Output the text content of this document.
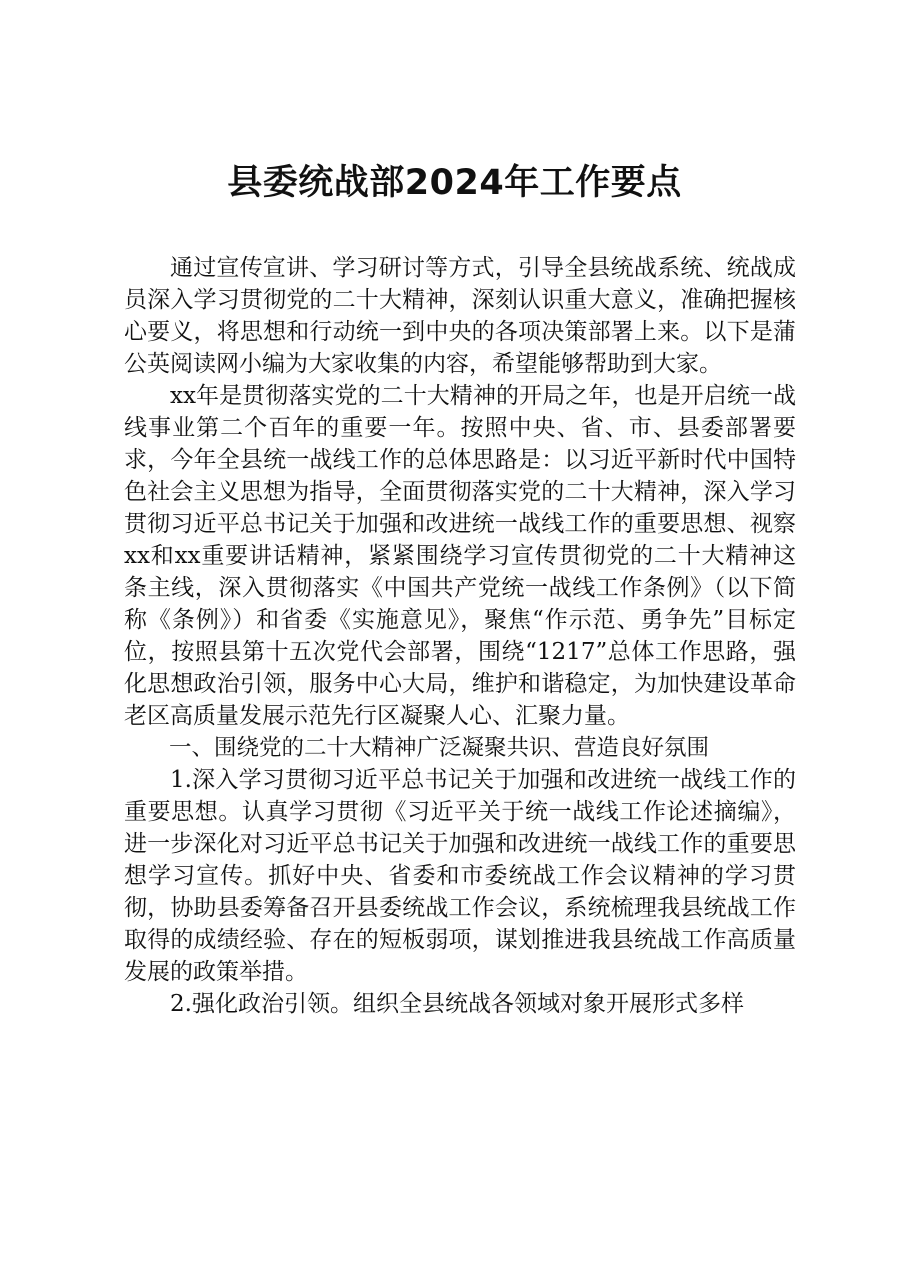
县委统战部2024年工作要点

通过宣传宣讲、学习研讨等方式，引导全县统战系统、统战成员深入学习贯彻党的二十大精神，深刻认识重大意义，准确把握核心要义，将思想和行动统一到中央的各项决策部署上来。以下是蒲公英阅读网小编为大家收集的内容，希望能够帮助到大家。

xx年是贯彻落实党的二十大精神的开局之年，也是开启统一战线事业第二个百年的重要一年。按照中央、省、市、县委部署要求，今年全县统一战线工作的总体思路是：以习近平新时代中国特色社会主义思想为指导，全面贯彻落实党的二十大精神，深入学习贯彻习近平总书记关于加强和改进统一战线工作的重要思想、视察xx和xx重要讲话精神，紧紧围绕学习宣传贯彻党的二十大精神这条主线，深入贯彻落实《中国共产党统一战线工作条例》（以下简称《条例》）和省委《实施意见》，聚焦“作示范、勇争先”目标定位，按照县第十五次党代会部署，围绕“1217”总体工作思路，强化思想政治引领，服务中心大局，维护和谐稳定，为加快建设革命老区高质量发展示范先行区凝聚人心、汇聚力量。

一、围绕党的二十大精神广泛凝聚共识、营造良好氛围

1.深入学习贯彻习近平总书记关于加强和改进统一战线工作的重要思想。认真学习贯彻《习近平关于统一战线工作论述摘编》，进一步深化对习近平总书记关于加强和改进统一战线工作的重要思想学习宣传。抓好中央、省委和市委统战工作会议精神的学习贯彻，协助县委筹备召开县委统战工作会议，系统梳理我县统战工作取得的成绩经验、存在的短板弱项，谋划推进我县统战工作高质量发展的政策举措。

2.强化政治引领。组织全县统战各领域对象开展形式多样
